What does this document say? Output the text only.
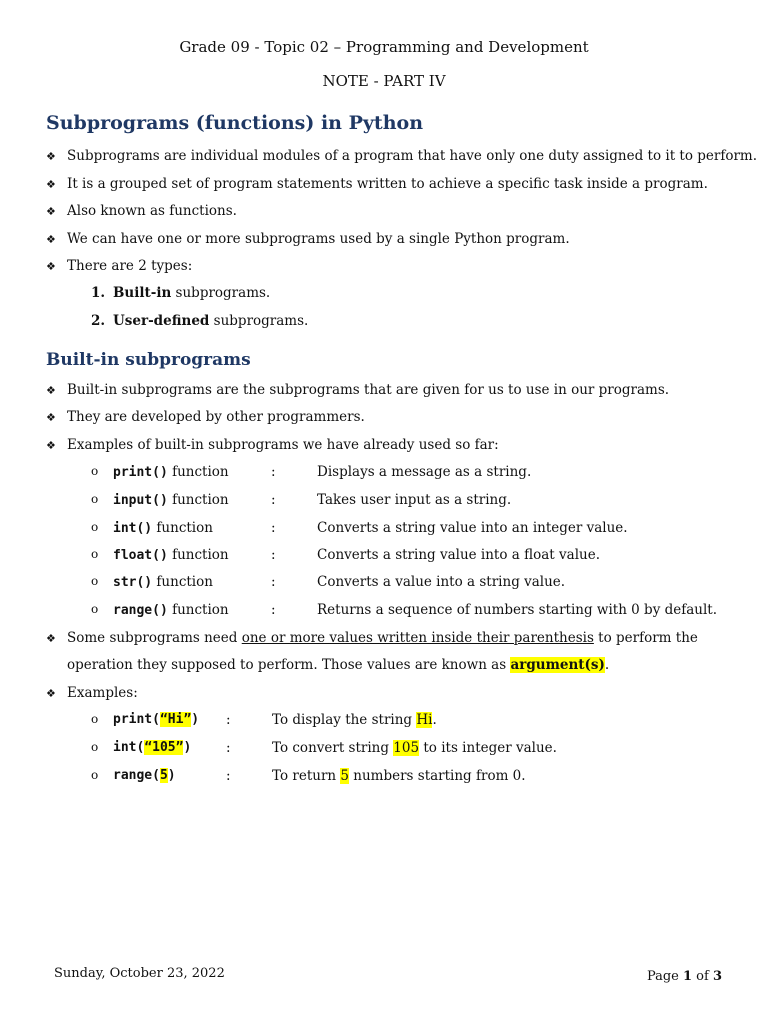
Grade 09 - Topic 02 – Programming and Development
NOTE - PART IV
Subprograms (functions) in Python
❖ Subprograms are individual modules of a program that have only one duty assigned to it to perform.
❖ It is a grouped set of program statements written to achieve a specific task inside a program.
❖ Also known as functions.
❖ We can have one or more subprograms used by a single Python program.
❖ There are 2 types:
1. Built-in subprograms.
2. User-defined subprograms.
Built-in subprograms
❖ Built-in subprograms are the subprograms that are given for us to use in our programs.
❖ They are developed by other programmers.
❖ Examples of built-in subprograms we have already used so far:
o print() function	:	Displays a message as a string.
o input() function	:	Takes user input as a string.
o int() function	:	Converts a string value into an integer value.
o float() function	:	Converts a string value into a float value.
o str() function	:	Converts a value into a string value.
o range() function	:	Returns a sequence of numbers starting with 0 by default.
❖ Some subprograms need one or more values written inside their parenthesis to perform the
operation they supposed to perform. Those values are known as argument(s).
❖ Examples:
o print(“Hi”) :	To display the string Hi.
o int(“105”)	:	To convert string 105 to its integer value.
o range(5)	:	To return 5 numbers starting from 0.
Sunday, October 23, 2022	Page 1 of 3
